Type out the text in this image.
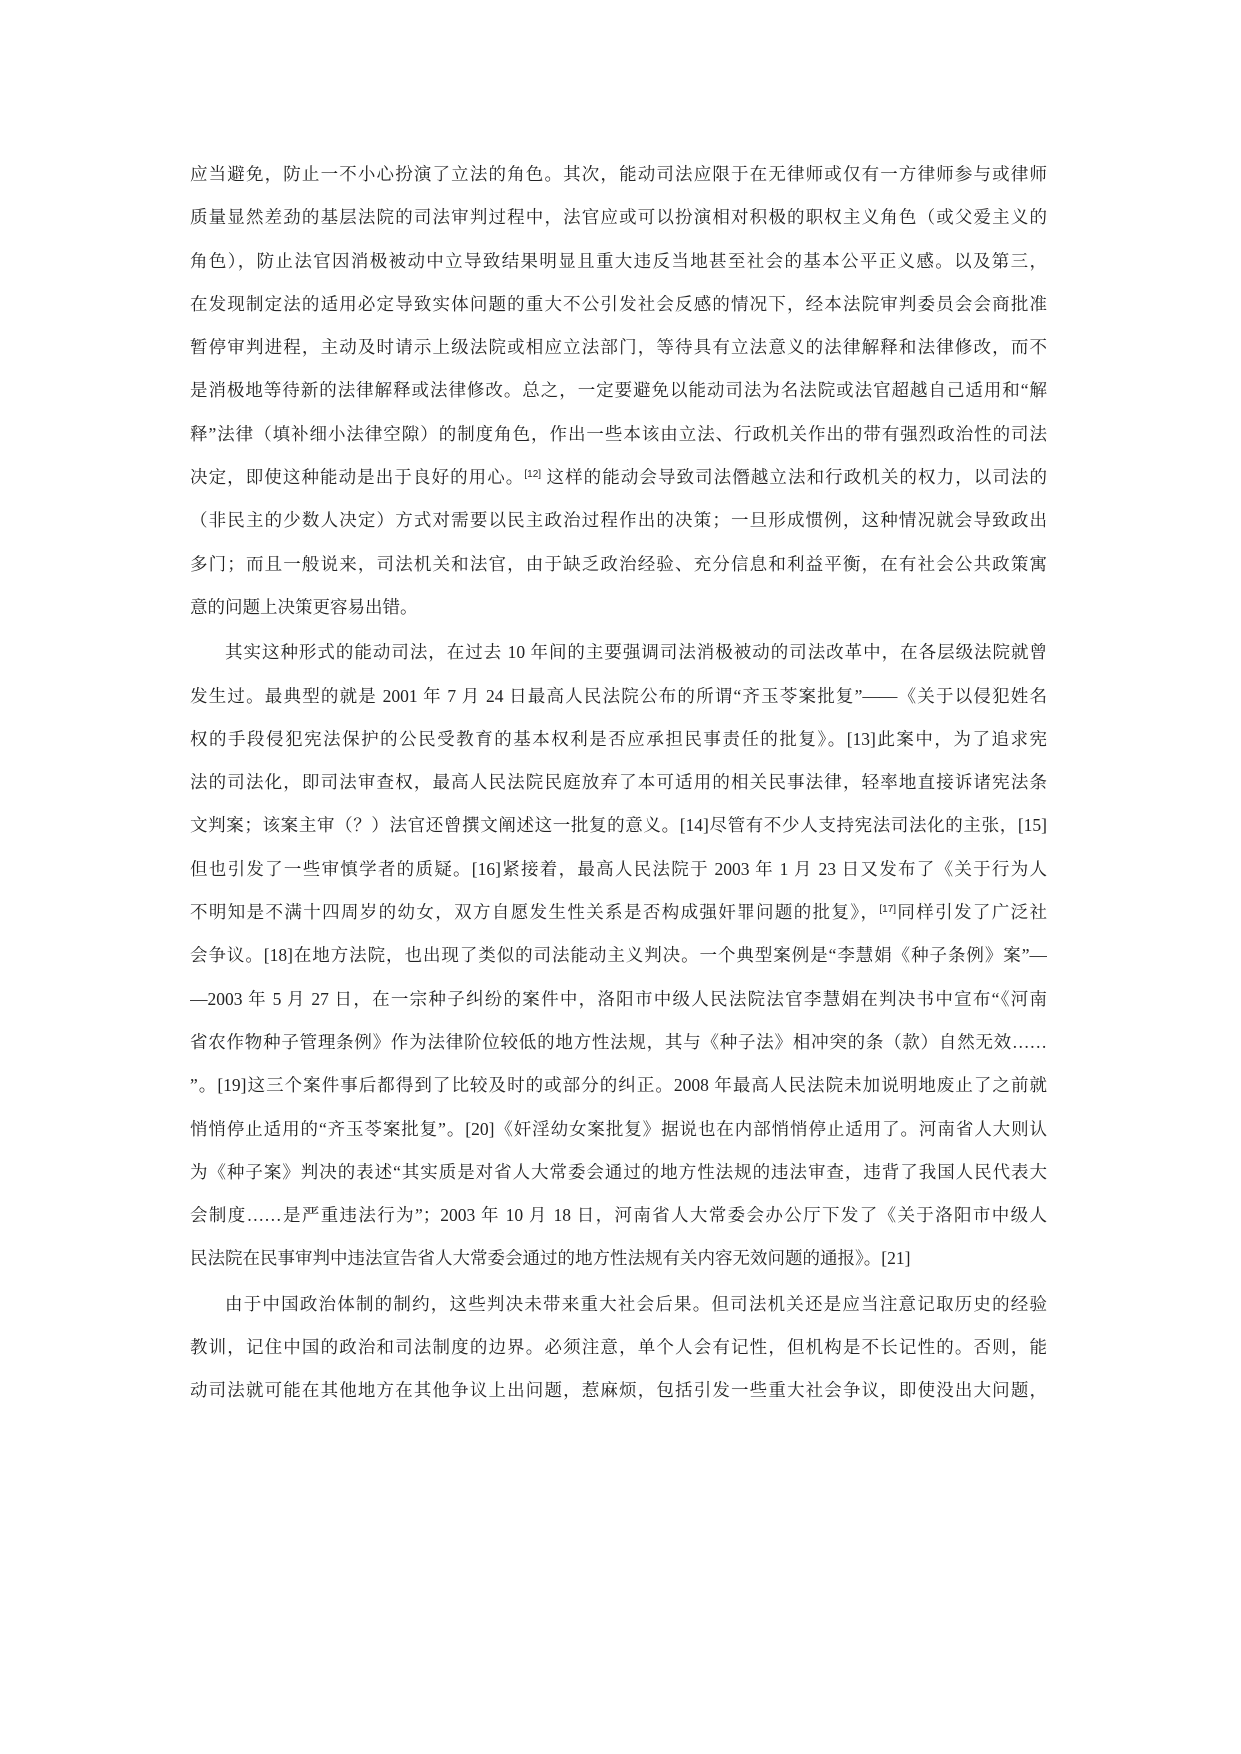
应当避免，防止一不小心扮演了立法的角色。其次，能动司法应限于在无律师或仅有一方律师参与或律师
质量显然差劲的基层法院的司法审判过程中，法官应或可以扮演相对积极的职权主义角色（或父爱主义的
角色），防止法官因消极被动中立导致结果明显且重大违反当地甚至社会的基本公平正义感。以及第三，
在发现制定法的适用必定导致实体问题的重大不公引发社会反感的情况下，经本法院审判委员会会商批准
暂停审判进程，主动及时请示上级法院或相应立法部门，等待具有立法意义的法律解释和法律修改，而不
是消极地等待新的法律解释或法律修改。总之，一定要避免以能动司法为名法院或法官超越自己适用和“解
释”法律（填补细小法律空隙）的制度角色，作出一些本该由立法、行政机关作出的带有强烈政治性的司法
决定，即使这种能动是出于良好的用心。[12] 这样的能动会导致司法僭越立法和行政机关的权力，以司法的
（非民主的少数人决定）方式对需要以民主政治过程作出的决策；一旦形成惯例，这种情况就会导致政出
多门；而且一般说来，司法机关和法官，由于缺乏政治经验、充分信息和利益平衡，在有社会公共政策寓
意的问题上决策更容易出错。
其实这种形式的能动司法，在过去 10 年间的主要强调司法消极被动的司法改革中，在各层级法院就曾
发生过。最典型的就是 2001 年 7 月 24 日最高人民法院公布的所谓“齐玉苓案批复”——《关于以侵犯姓名
权的手段侵犯宪法保护的公民受教育的基本权利是否应承担民事责任的批复》。[13]此案中，为了追求宪
法的司法化，即司法审查权，最高人民法院民庭放弃了本可适用的相关民事法律，轻率地直接诉诸宪法条
文判案；该案主审（？）法官还曾撰文阐述这一批复的意义。[14]尽管有不少人支持宪法司法化的主张，[15]
但也引发了一些审慎学者的质疑。[16]紧接着，最高人民法院于 2003 年 1 月 23 日又发布了《关于行为人
不明知是不满十四周岁的幼女，双方自愿发生性关系是否构成强奸罪问题的批复》，[17]同样引发了广泛社
会争议。[18]在地方法院，也出现了类似的司法能动主义判决。一个典型案例是“李慧娟《种子条例》案”—
—2003 年 5 月 27 日，在一宗种子纠纷的案件中，洛阳市中级人民法院法官李慧娟在判决书中宣布“《河南
省农作物种子管理条例》作为法律阶位较低的地方性法规，其与《种子法》相冲突的条（款）自然无效……
”。[19]这三个案件事后都得到了比较及时的或部分的纠正。2008 年最高人民法院未加说明地废止了之前就
悄悄停止适用的“齐玉苓案批复”。[20]《奸淫幼女案批复》据说也在内部悄悄停止适用了。河南省人大则认
为《种子案》判决的表述“其实质是对省人大常委会通过的地方性法规的违法审查，违背了我国人民代表大
会制度……是严重违法行为”；2003 年 10 月 18 日，河南省人大常委会办公厅下发了《关于洛阳市中级人
民法院在民事审判中违法宣告省人大常委会通过的地方性法规有关内容无效问题的通报》。[21]
由于中国政治体制的制约，这些判决未带来重大社会后果。但司法机关还是应当注意记取历史的经验
教训，记住中国的政治和司法制度的边界。必须注意，单个人会有记性，但机构是不长记性的。否则，能
动司法就可能在其他地方在其他争议上出问题，惹麻烦，包括引发一些重大社会争议，即使没出大问题，
